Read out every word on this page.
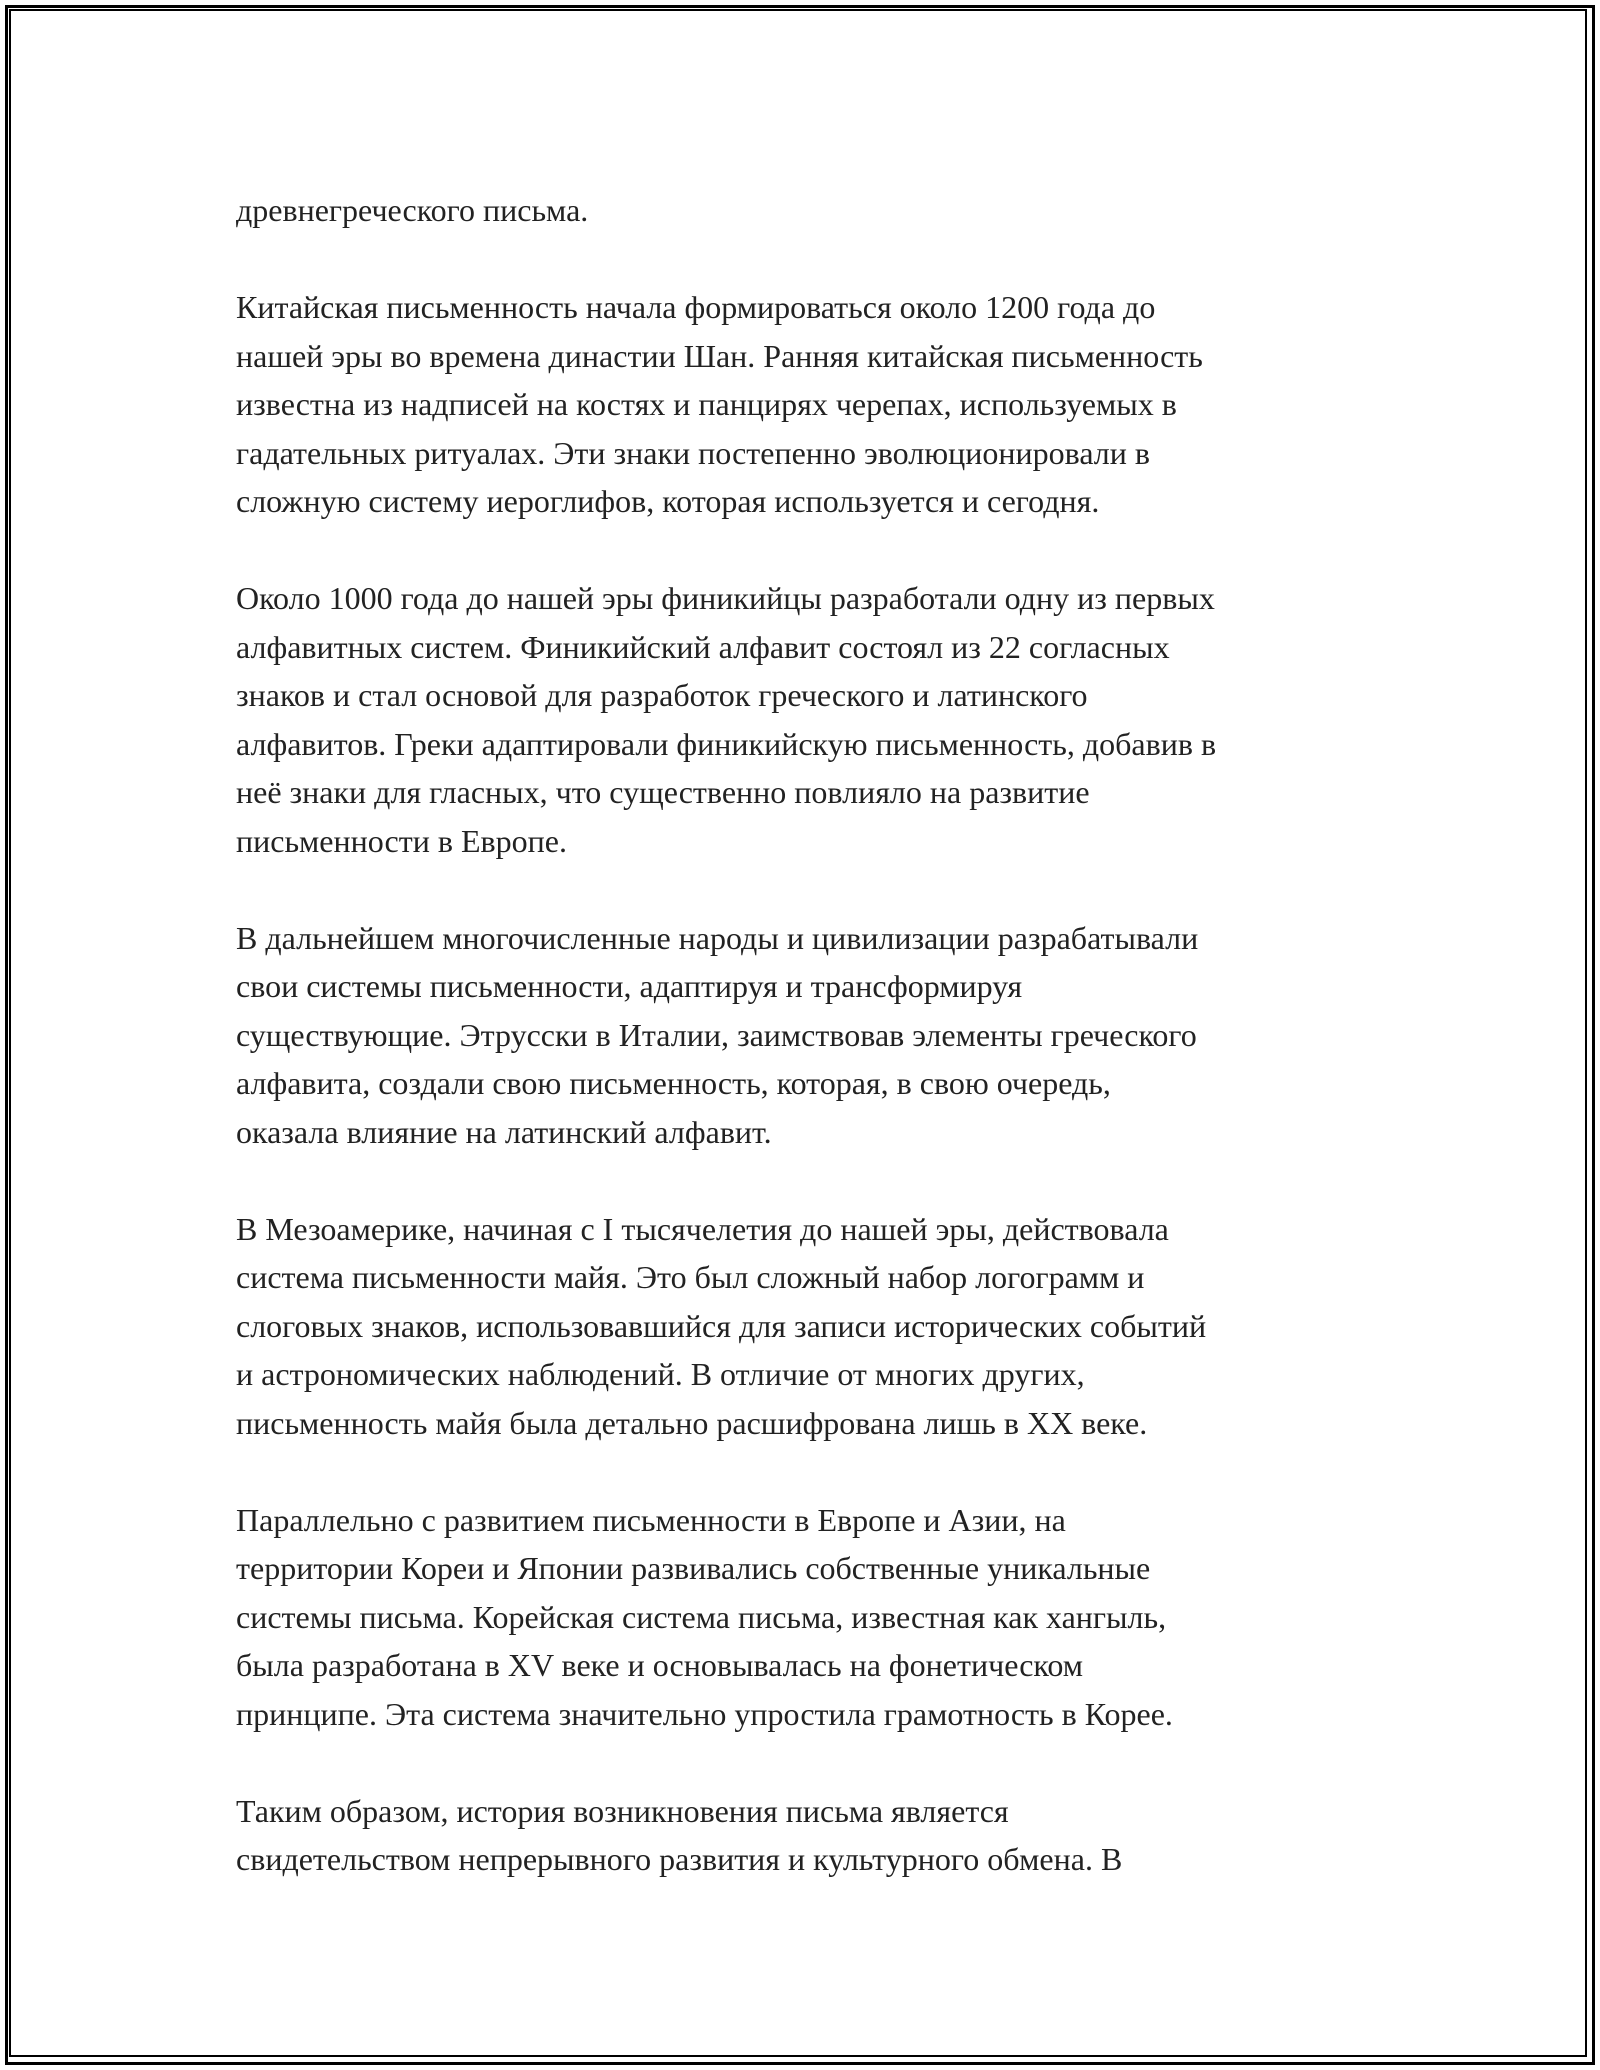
древнегреческого письма.
Китайская письменность начала формироваться около 1200 года до
нашей эры во времена династии Шан. Ранняя китайская письменность
известна из надписей на костях и панцирях черепах, используемых в
гадательных ритуалах. Эти знаки постепенно эволюционировали в
сложную систему иероглифов, которая используется и сегодня.
Около 1000 года до нашей эры финикийцы разработали одну из первых
алфавитных систем. Финикийский алфавит состоял из 22 согласных
знаков и стал основой для разработок греческого и латинского
алфавитов. Греки адаптировали финикийскую письменность, добавив в
неё знаки для гласных, что существенно повлияло на развитие
письменности в Европе.
В дальнейшем многочисленные народы и цивилизации разрабатывали
свои системы письменности, адаптируя и трансформируя
существующие. Этрусски в Италии, заимствовав элементы греческого
алфавита, создали свою письменность, которая, в свою очередь,
оказала влияние на латинский алфавит.
В Мезоамерике, начиная с I тысячелетия до нашей эры, действовала
система письменности майя. Это был сложный набор логограмм и
слоговых знаков, использовавшийся для записи исторических событий
и астрономических наблюдений. В отличие от многих других,
письменность майя была детально расшифрована лишь в XX веке.
Параллельно с развитием письменности в Европе и Азии, на
территории Кореи и Японии развивались собственные уникальные
системы письма. Корейская система письма, известная как хангыль,
была разработана в XV веке и основывалась на фонетическом
принципе. Эта система значительно упростила грамотность в Корее.
Таким образом, история возникновения письма является
свидетельством непрерывного развития и культурного обмена. В
